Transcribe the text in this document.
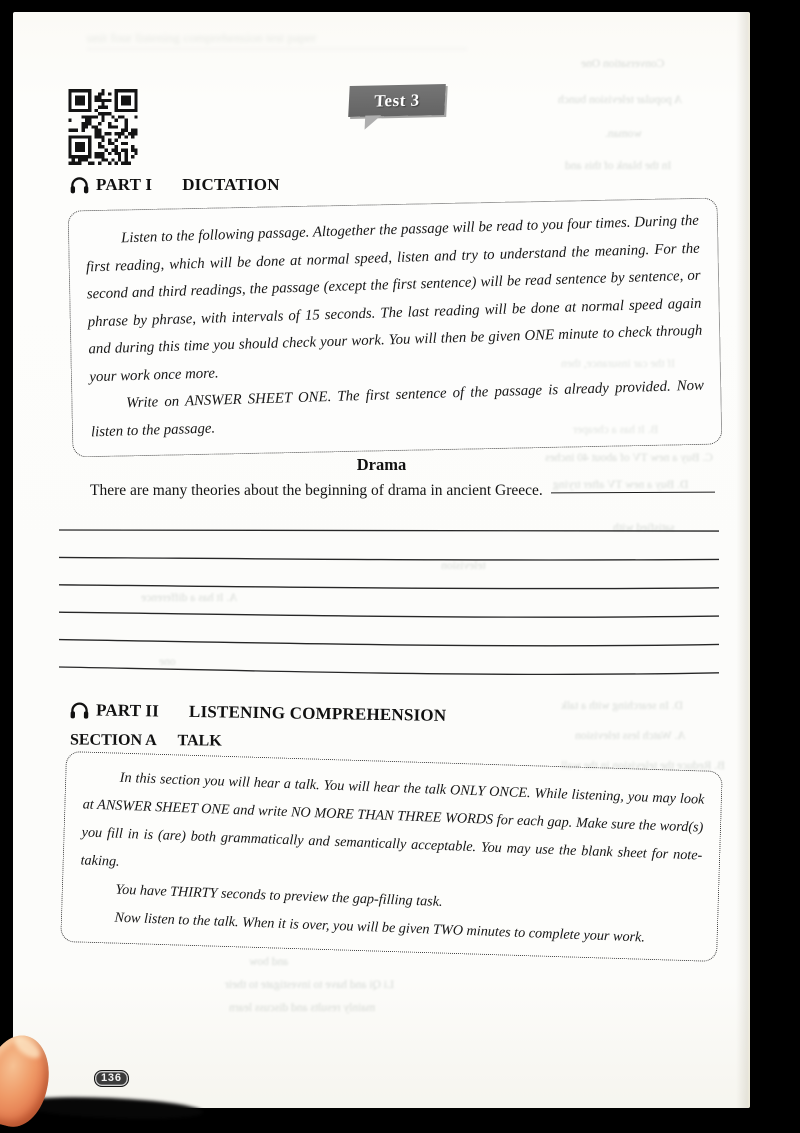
Conversation One
A popular television bunch
woman.
In the blank of this and
If the car insurance, then
B. It has a cheaper
C. Buy a new TV of about 40 inches
D. Buy a new TV after trying
satisfied with
television
A. It has a difference
one
D. In searching with a talk
A. Watch less television
B. Reduce the television in the wall
and bow
Li Qi and have to investigate to their
mainly results and discuss learn
unit four listening comprehension test paper
Test 3
PART I DICTATION

Listen to the following passage. Altogether the passage will be read to you four times. During the first reading, which will be done at normal speed, listen and try to understand the meaning. For the second and third readings, the passage (except the first sentence) will be read sentence by sentence, or phrase by phrase, with intervals of 15 seconds. The last reading will be done at normal speed again and during this time you should check your work. You will then be given ONE minute to check through your work once more.

Write on ANSWER SHEET ONE. The first sentence of the passage is already provided. Now listen to the passage.

Drama
There are many theories about the beginning of drama in ancient Greece.
PART II LISTENING COMPREHENSION
SECTION A TALK

In this section you will hear a talk. You will hear the talk ONLY ONCE. While listening, you may look at ANSWER SHEET ONE and write NO MORE THAN THREE WORDS for each gap. Make sure the word(s) you fill in is (are) both grammatically and semantically acceptable. You may use the blank sheet for note-taking.

You have THIRTY seconds to preview the gap-filling task.

Now listen to the talk. When it is over, you will be given TWO minutes to complete your work.

136
